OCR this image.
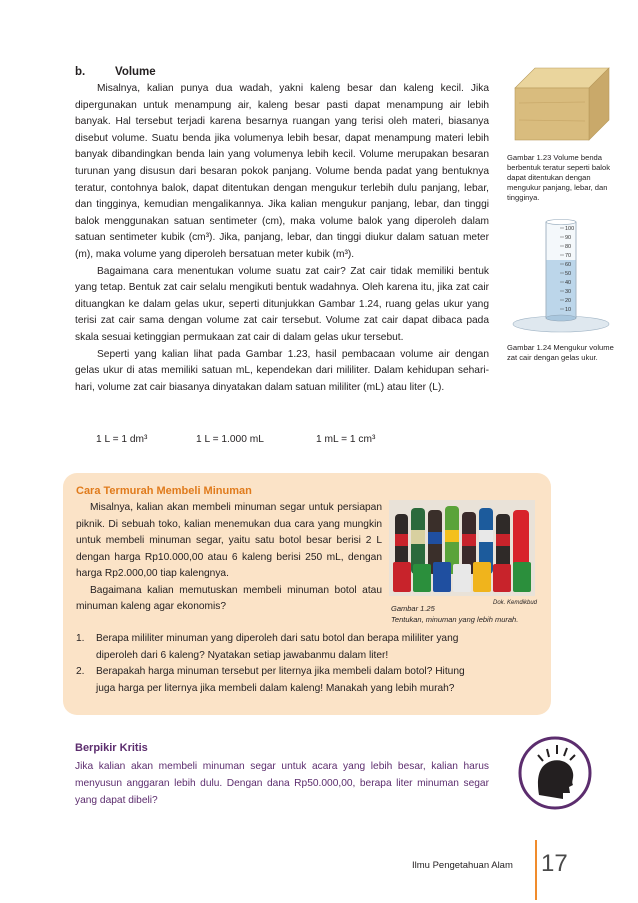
b.	Volume

Misalnya, kalian punya dua wadah, yakni kaleng besar dan kaleng kecil. Jika dipergunakan untuk menampung air, kaleng besar pasti dapat menampung air lebih banyak. Hal tersebut terjadi karena besarnya ruangan yang terisi oleh materi, biasanya disebut volume. Suatu benda jika volumenya lebih besar, dapat menampung materi lebih banyak dibandingkan benda lain yang volumenya lebih kecil. Volume merupakan besaran turunan yang disusun dari besaran pokok panjang. Volume benda padat yang bentuknya teratur, contohnya balok, dapat ditentukan dengan mengukur terlebih dulu panjang, lebar, dan tingginya, kemudian mengalikannya. Jika kalian mengukur panjang, lebar, dan tinggi balok menggunakan satuan sentimeter (cm), maka volume balok yang diperoleh dalam satuan sentimeter kubik (cm³). Jika, panjang, lebar, dan tinggi diukur dalam satuan meter (m), maka volume yang diperoleh bersatuan meter kubik (m³).

Bagaimana cara menentukan volume suatu zat cair? Zat cair tidak memiliki bentuk yang tetap. Bentuk zat cair selalu mengikuti bentuk wadahnya. Oleh karena itu, jika zat cair dituangkan ke dalam gelas ukur, seperti ditunjukkan Gambar 1.24, ruang gelas ukur yang terisi zat cair sama dengan volume zat cair tersebut. Volume zat cair dapat dibaca pada skala sesuai ketinggian permukaan zat cair di dalam gelas ukur tersebut.

Seperti yang kalian lihat pada Gambar 1.23, hasil pembacaan volume air dengan gelas ukur di atas memiliki satuan mL, kependekan dari mililiter. Dalam kehidupan sehari-hari, volume zat cair biasanya dinyatakan dalam satuan mililiter (mL) atau liter (L).

1 L = 1 dm³	1 L = 1.000 mL	1 mL = 1 cm³
Gambar 1.23 Volume benda berbentuk teratur seperti balok dapat ditentukan dengan mengukur panjang, lebar, dan tingginya.
100
90
80
70
60
50
40
30
20
10
Gambar 1.24 Mengukur volume zat cair dengan gelas ukur.
Cara Termurah Membeli Minuman

Misalnya, kalian akan membeli minuman segar untuk persiapan piknik. Di sebuah toko, kalian menemukan dua cara yang mungkin untuk membeli minuman segar, yaitu satu botol besar berisi 2 L dengan harga Rp10.000,00 atau 6 kaleng berisi 250 mL, dengan harga Rp2.000,00 tiap kalengnya.

Bagaimana kalian memutuskan membeli minuman botol atau minuman kaleng agar ekonomis?	Dok. Kemdikbud
Gambar 1.25
Tentukan, minuman yang lebih murah.
1.	Berapa mililiter minuman yang diperoleh dari satu botol dan berapa mililiter yang diperoleh dari 6 kaleng? Nyatakan setiap jawabanmu dalam liter!
2.	Berapakah harga minuman tersebut per liternya jika membeli dalam botol? Hitung juga harga per liternya jika membeli dalam kaleng! Manakah yang lebih murah?
Berpikir Kritis
Jika kalian akan membeli minuman segar untuk acara yang lebih besar, kalian harus menyusun anggaran lebih dulu. Dengan dana Rp50.000,00, berapa liter minuman segar yang dapat dibeli?
Ilmu Pengetahuan Alam 17
